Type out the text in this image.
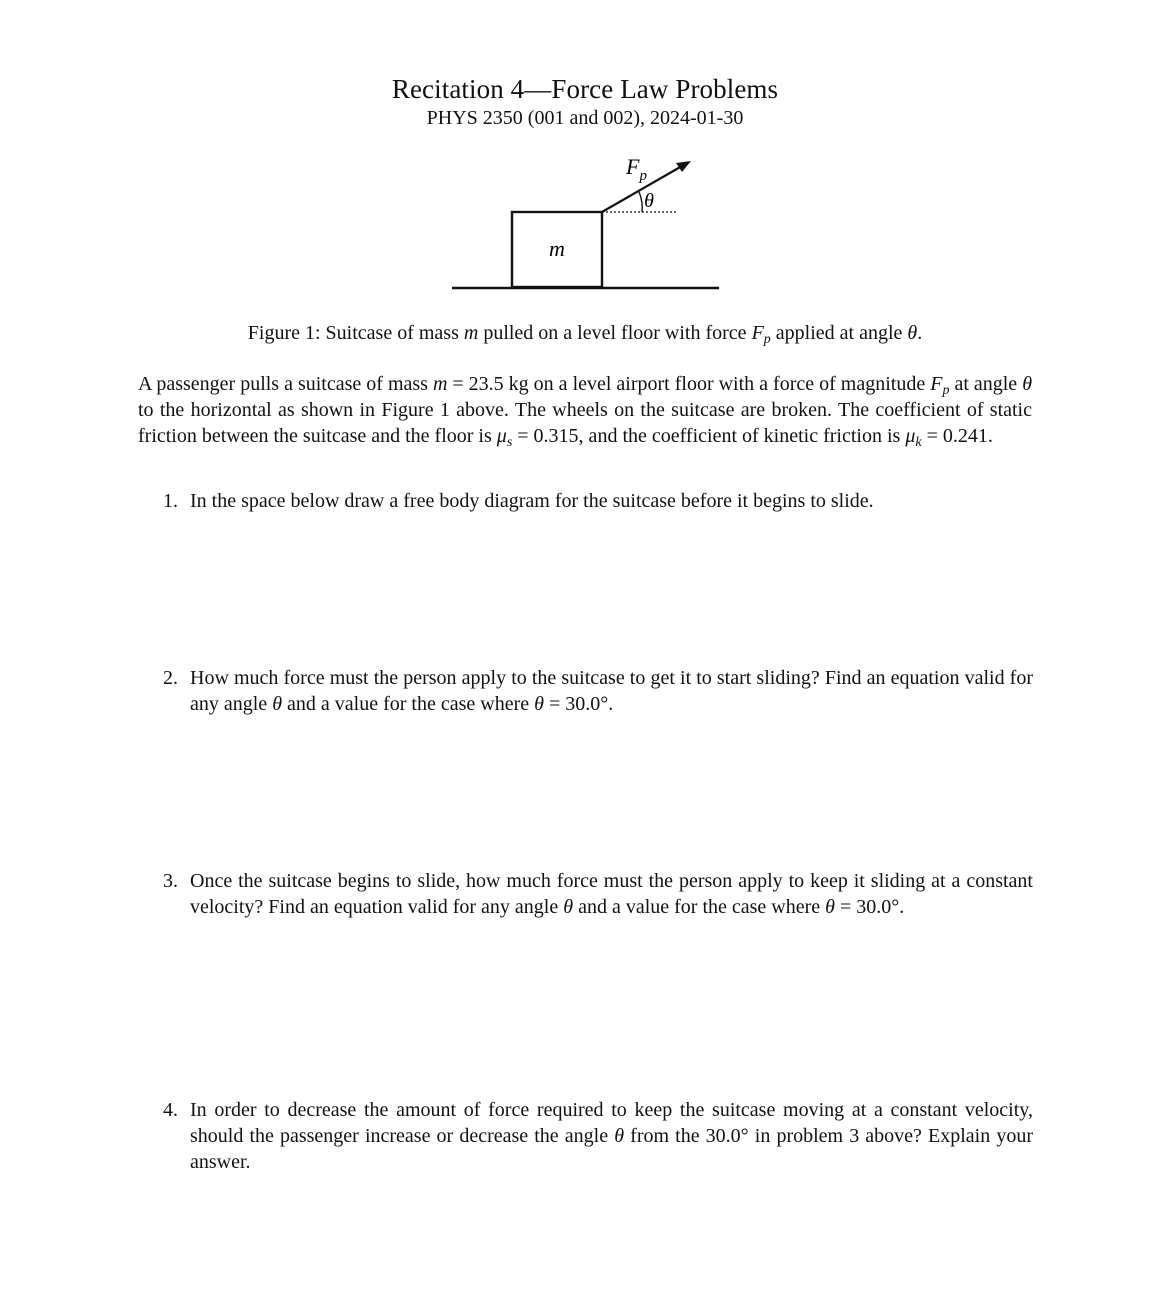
Recitation 4—Force Law Problems
PHYS 2350 (001 and 002), 2024-01-30
m
$F_p$
θ
Figure 1: Suitcase of mass m pulled on a level floor with force $F_p$ applied at angle θ.
A passenger pulls a suitcase of mass m = 23.5 kg on a level airport floor with a force of magnitude $F_p$ at angle θ to the horizontal as shown in Figure 1 above. The wheels on the suitcase are broken. The coefficient of static friction between the suitcase and the floor is $\mu_s = 0.315$, and the coefficient of kinetic friction is $\mu_k = 0.241$.
1. In the space below draw a free body diagram for the suitcase before it begins to slide.
2. How much force must the person apply to the suitcase to get it to start sliding? Find an equation valid for any angle θ and a value for the case where θ = 30.0°.
3. Once the suitcase begins to slide, how much force must the person apply to keep it sliding at a constant velocity? Find an equation valid for any angle θ and a value for the case where θ = 30.0°.
4. In order to decrease the amount of force required to keep the suitcase moving at a constant velocity, should the passenger increase or decrease the angle θ from the 30.0° in problem 3 above? Explain your answer.
